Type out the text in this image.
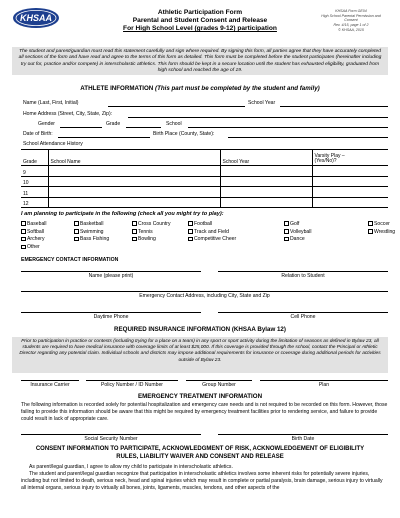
KHSAA
Athletic Participation Form
Parental and Student Consent and Release
For High School Level (grades 9-12) participation
KHSAA Form GE04
High School Parental Permission and Consent
Rev. 4/15, page 1 of 2
© KHSAA, 2015
The student and parent/guardian must read this statement carefully and sign where required. By signing this form, all parties agree that they have accurately completed all sections of the form and have read and agree to the terms of this form as detailed. This form must be completed before the student participates (hereinafter including try out for, practice and/or compete) in interscholastic athletics. This form should be kept in a secure location until the student has exhausted eligibility, graduated from high school and reached the age of 19.
ATHLETE INFORMATION (This part must be completed by the student and family)
Name (Last, First, Initial)	School Year
Home Address (Street, City, State, Zip):
Gender	Grade	School
Date of Birth:	Birth Place (County, State):
School Attendance History
Grade	School Name	School Year	Varsity Play –
(Yes/No)?
9			
10			
11			
12			
I am planning to participate in the following (check all you might try to play):
Baseball	Basketball	Cross Country	Football	Golf	Soccer
Softball	Swimming	Tennis	Track and Field	Volleyball	Wrestling
Archery	Bass Fishing	Bowling	Competitive Cheer	Dance	
Other					
EMERGENCY CONTACT INFORMATION
Name (please print)	Relation to Student
Emergency Contact Address, including City, State and Zip
Daytime Phone	Cell Phone
REQUIRED INSURANCE INFORMATION (KHSAA Bylaw 12)
Prior to participation in practice or contests (including trying for a place on a team) in any sport or sport activity during the limitation of seasons as defined in Bylaw 23, all students are required to have medical insurance with coverage limits of at least $25,000. If this coverage is provided through the school, contact the Principal or Athletic Director regarding any potential claim. Individual schools and districts may impose additional requirements for insurance or coverage during additional periods for activities outside of Bylaw 23.
Insurance Carrier	Policy Number / ID Number	Group Number	Plan
EMERGENCY TREATMENT INFORMATION
The following information is recorded solely for potential hospitalization and emergency care needs and is not required to be recorded on this form. However, those failing to provide this information should be aware that this might be required by emergency treatment facilities prior to rendering service, and failure to provide could result in lack of appropriate care.
Social Security Number	Birth Date
CONSENT INFORMATION TO PARTICIPATE, ACKNOWLEDGMENT OF RISK, ACKNOWLEDGEMENT OF ELIGIBILITY
RULES, LIABILITY WAIVER AND CONSENT AND RELEASE
As parent/legal guardian, I agree to allow my child to participate in interscholastic athletics.
The student and parent/legal guardian recognize that participation in interscholastic athletics involves some inherent risks for potentially severe injuries, including but not limited to death, serious neck, head and spinal injuries which may result in complete or partial paralysis, brain damage, serious injury to virtually all internal organs, serious injury to virtually all bones, joints, ligaments, muscles, tendons, and other aspects of the
